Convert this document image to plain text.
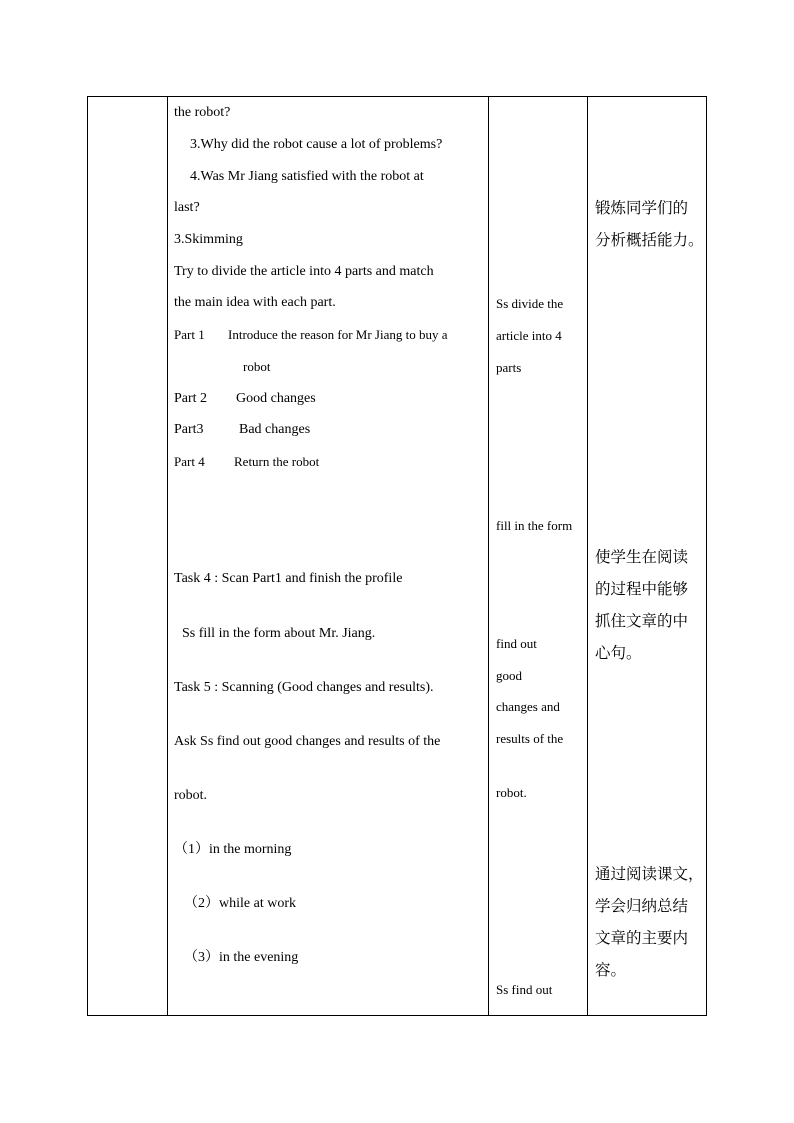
the robot?
3.Why did the robot cause a lot of problems?
4.Was Mr Jiang satisfied with the robot at
last?
3.Skimming
Try to divide the article into 4 parts and match
the main idea with each part.
Part 1 Introduce the reason for Mr Jiang to buy a
robot
Part 2 Good changes
Part3	Bad changes
Part 4 Return the robot
Task 4 : Scan Part1 and finish the profile
Ss fill in the form about Mr. Jiang.
Task 5 : Scanning (Good changes and results).
Ask Ss find out good changes and results of the
robot.
（1）in the morning
（2）while at work
（3）in the evening
Ss divide the
article into 4
parts
fill in the form
find out
good
changes and
results of the
robot.
Ss find out
锻炼同学们的
分析概括能力。
使学生在阅读
的过程中能够
抓住文章的中
心句。
通过阅读课文，
学会归纳总结
文章的主要内
容。
